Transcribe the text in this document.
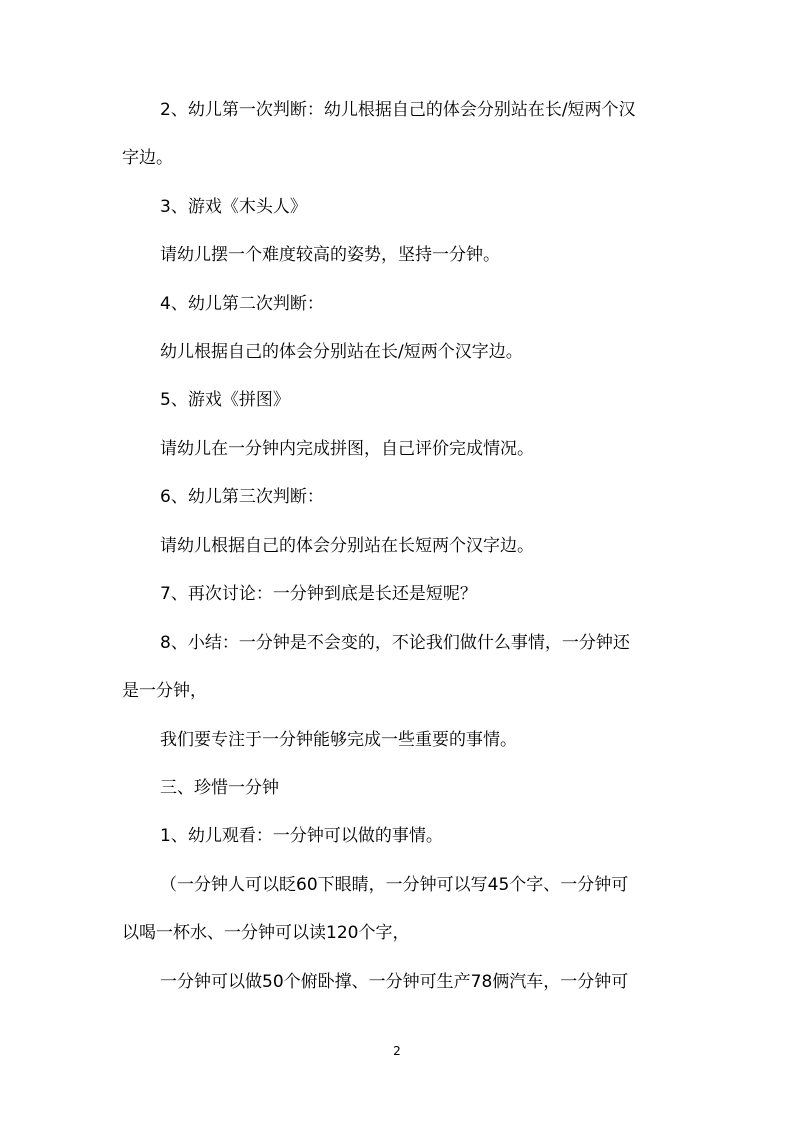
2、幼儿第一次判断：幼儿根据自己的体会分别站在长/短两个汉
字边。
3、游戏《木头人》
请幼儿摆一个难度较高的姿势，坚持一分钟。
4、幼儿第二次判断：
幼儿根据自己的体会分别站在长/短两个汉字边。
5、游戏《拼图》
请幼儿在一分钟内完成拼图，自己评价完成情况。
6、幼儿第三次判断：
请幼儿根据自己的体会分别站在长短两个汉字边。
7、再次讨论：一分钟到底是长还是短呢？
8、小结：一分钟是不会变的，不论我们做什么事情，一分钟还
是一分钟，
我们要专注于一分钟能够完成一些重要的事情。
三、珍惜一分钟
1、幼儿观看：一分钟可以做的事情。
（一分钟人可以眨60下眼睛，一分钟可以写45个字、一分钟可
以喝一杯水、一分钟可以读120个字，
一分钟可以做50个俯卧撑、一分钟可生产78俩汽车，一分钟可
2
